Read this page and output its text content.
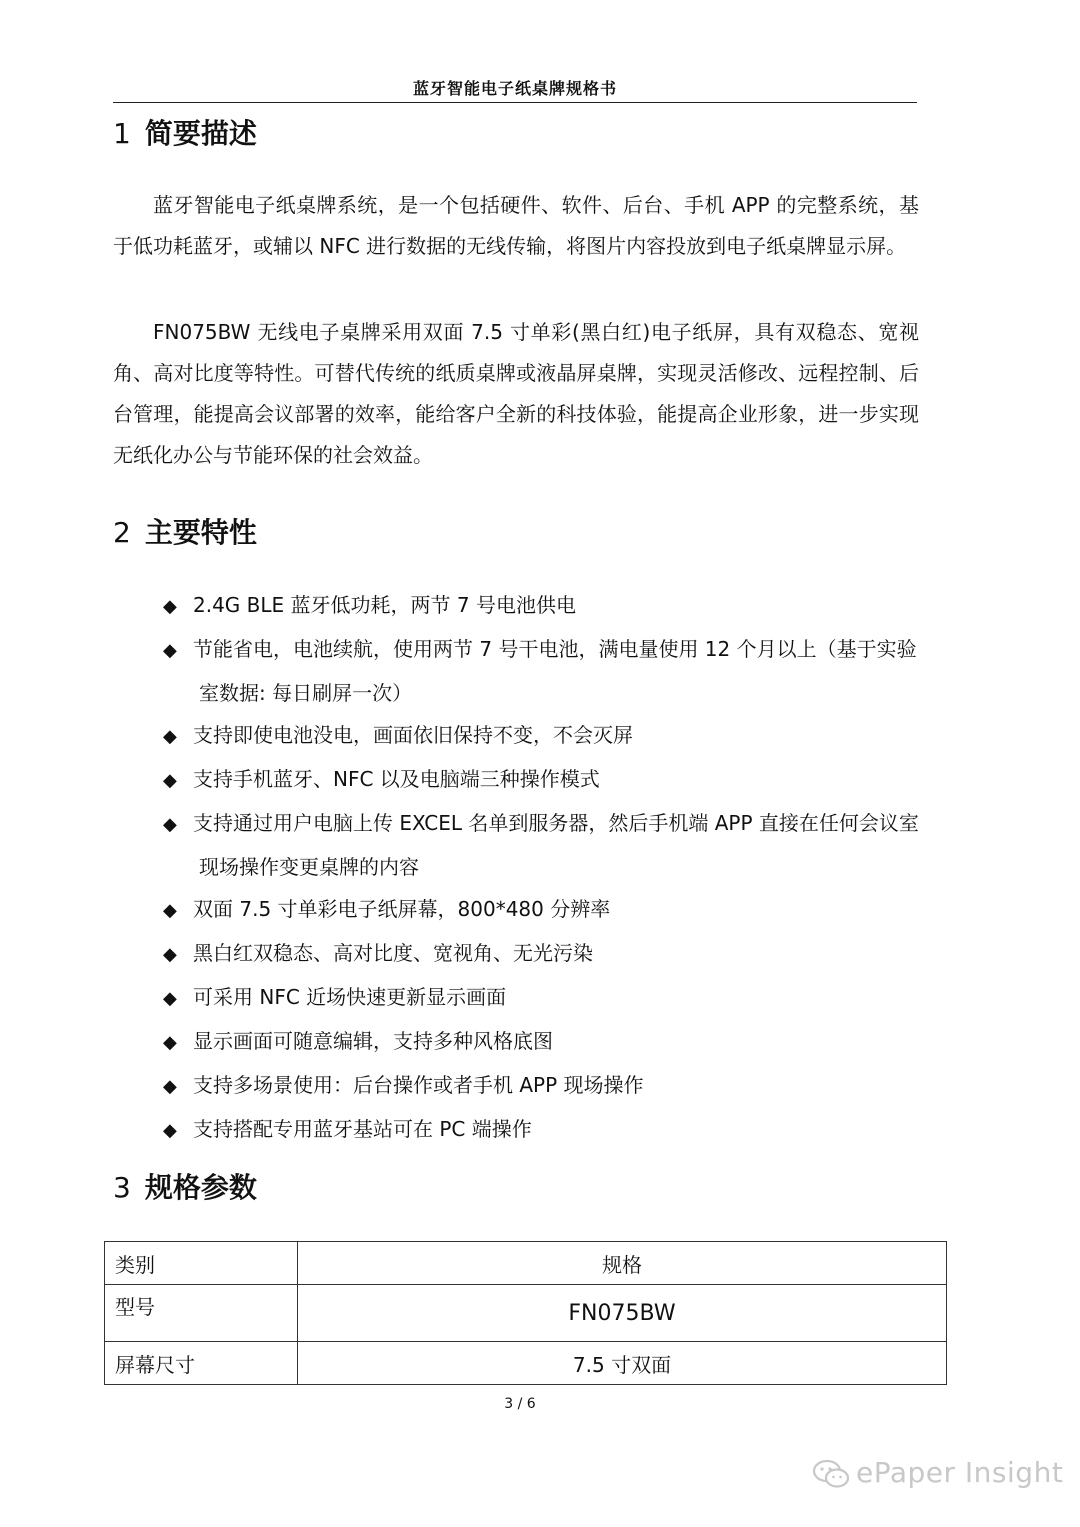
蓝牙智能电子纸桌牌规格书
1 简要描述

蓝牙智能电子纸桌牌系统，是一个包括硬件、软件、后台、手机 APP 的完整系统，基于低功耗蓝牙，或辅以 NFC 进行数据的无线传输，将图片内容投放到电子纸桌牌显示屏。

FN075BW 无线电子桌牌采用双面 7.5 寸单彩(黑白红)电子纸屏，具有双稳态、宽视角、高对比度等特性。可替代传统的纸质桌牌或液晶屏桌牌，实现灵活修改、远程控制、后台管理，能提高会议部署的效率，能给客户全新的科技体验，能提高企业形象，进一步实现无纸化办公与节能环保的社会效益。

2 主要特性
◆ 2.4G BLE 蓝牙低功耗，两节 7 号电池供电
◆ 节能省电，电池续航，使用两节 7 号干电池，满电量使用 12 个月以上（基于实验室数据: 每日刷屏一次）
◆ 支持即使电池没电，画面依旧保持不变，不会灭屏
◆ 支持手机蓝牙、NFC 以及电脑端三种操作模式
◆ 支持通过用户电脑上传 EXCEL 名单到服务器，然后手机端 APP 直接在任何会议室现场操作变更桌牌的内容
◆ 双面 7.5 寸单彩电子纸屏幕，800*480 分辨率
◆ 黑白红双稳态、高对比度、宽视角、无光污染
◆ 可采用 NFC 近场快速更新显示画面
◆ 显示画面可随意编辑，支持多种风格底图
◆ 支持多场景使用：后台操作或者手机 APP 现场操作
◆ 支持搭配专用蓝牙基站可在 PC 端操作
3 规格参数
类别	规格
型号	FN075BW
屏幕尺寸	7.5 寸双面
3 / 6
ePaper Insight
